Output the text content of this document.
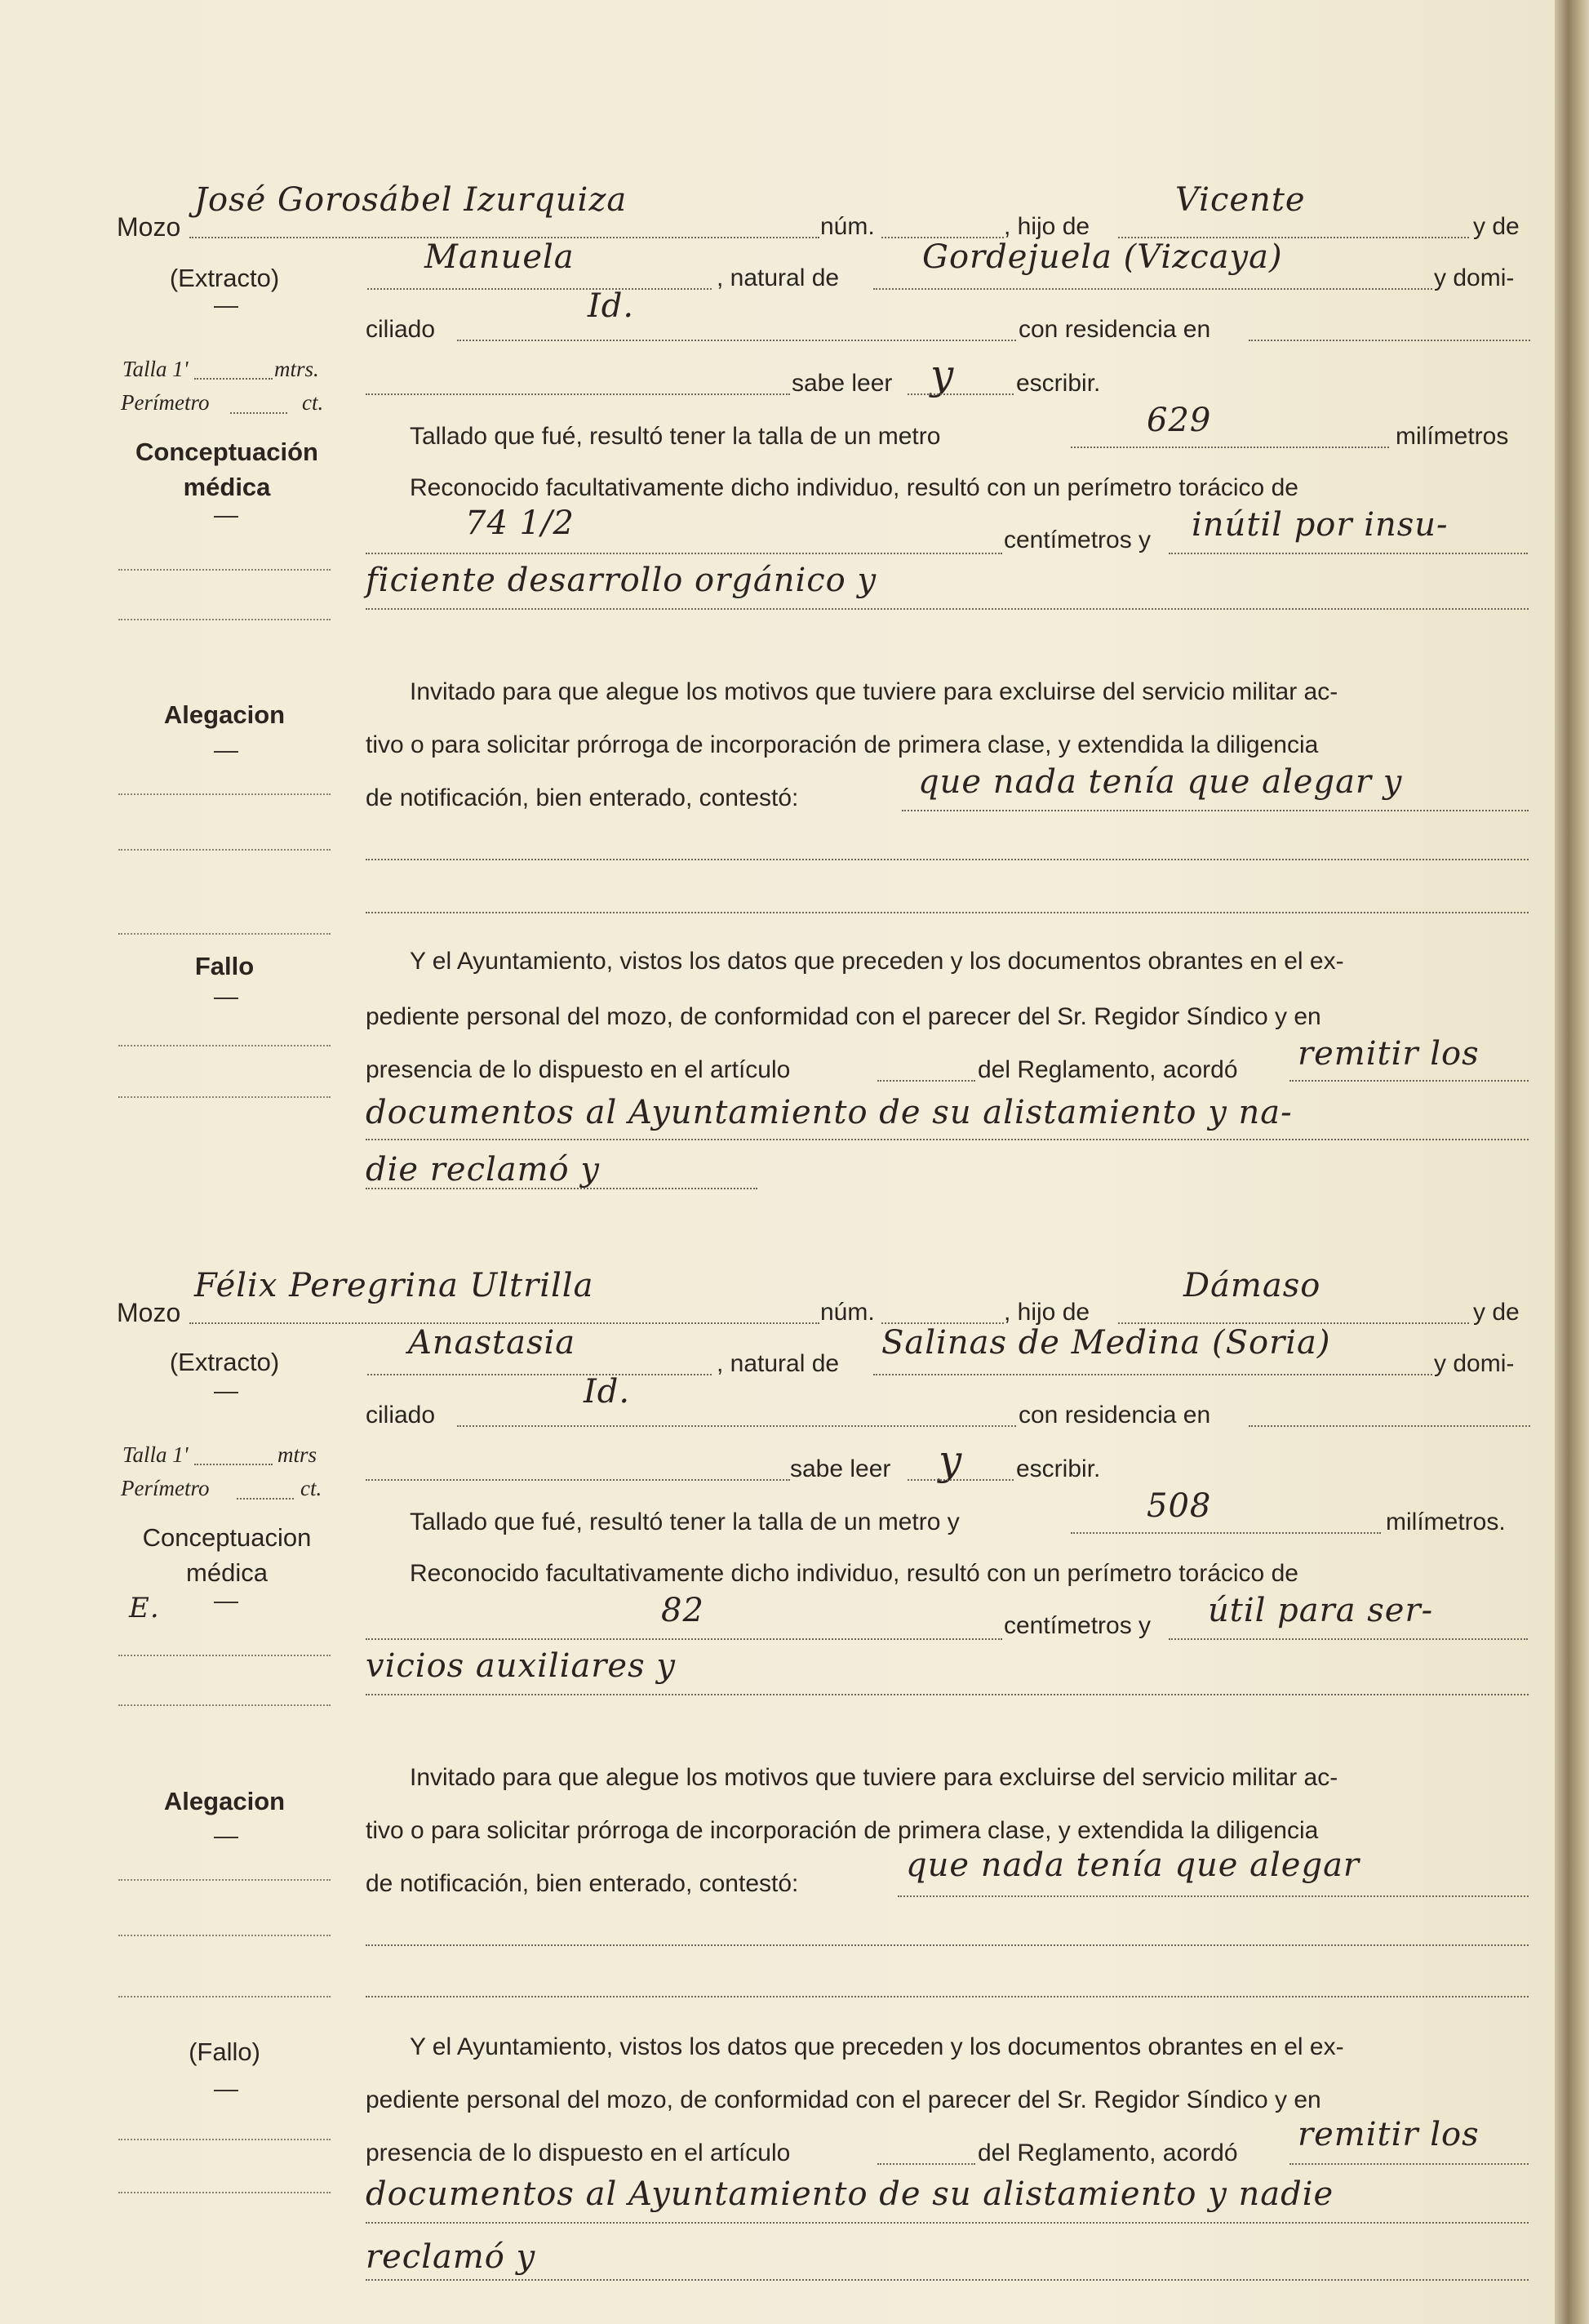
Mozo
(Extracto)
Talla 1'	mtrs.
Perímetro	ct.
Conceptuación
médica
Alegacion
Fallo
José Gorosábel Izurquiza
núm.	, hijo de
Vicente
y de
Manuela
, natural de
Gordejuela (Vizcaya)
y domi-
ciliado
Id.
con residencia en
sabe leer y	escribir.
Tallado que fué, resultó tener la talla de un metro	629	milímetros
Reconocido facultativamente dicho individuo, resultó con un perímetro torácico de
74 1/2	centímetros y inútil por insu-
ficiente desarrollo orgánico y
Invitado para que alegue los motivos que tuviere para excluirse del servicio militar ac-
tivo o para solicitar prórroga de incorporación de primera clase, y extendida la diligencia
de notificación, bien enterado, contestó:	que nada tenía que alegar y
Y el Ayuntamiento, vistos los datos que preceden y los documentos obrantes en el ex-
pediente personal del mozo, de conformidad con el parecer del Sr. Regidor Síndico y en
presencia de lo dispuesto en el artículo	del Reglamento, acordó remitir los
documentos al Ayuntamiento de su alistamiento y na-
die reclamó y
Mozo
(Extracto)
Talla 1'	mtrs
Perímetro	ct.
Conceptuacion
médica
E.
Alegacion
(Fallo)
Félix Peregrina Ultrilla
núm.	, hijo de
Dámaso
y de
Anastasia
, natural de
Salinas de Medina (Soria)
y domi-
ciliado
Id.
con residencia en
sabe leer y escribir.
Tallado que fué, resultó tener la talla de un metro y	508	milímetros.
Reconocido facultativamente dicho individuo, resultó con un perímetro torácico de
82	centímetros y útil para ser-
vicios auxiliares y
Invitado para que alegue los motivos que tuviere para excluirse del servicio militar ac-
tivo o para solicitar prórroga de incorporación de primera clase, y extendida la diligencia
de notificación, bien enterado, contestó:	que nada tenía que alegar
Y el Ayuntamiento, vistos los datos que preceden y los documentos obrantes en el ex-
pediente personal del mozo, de conformidad con el parecer del Sr. Regidor Síndico y en
presencia de lo dispuesto en el artículo	del Reglamento, acordó remitir los
documentos al Ayuntamiento de su alistamiento y nadie
reclamó y
